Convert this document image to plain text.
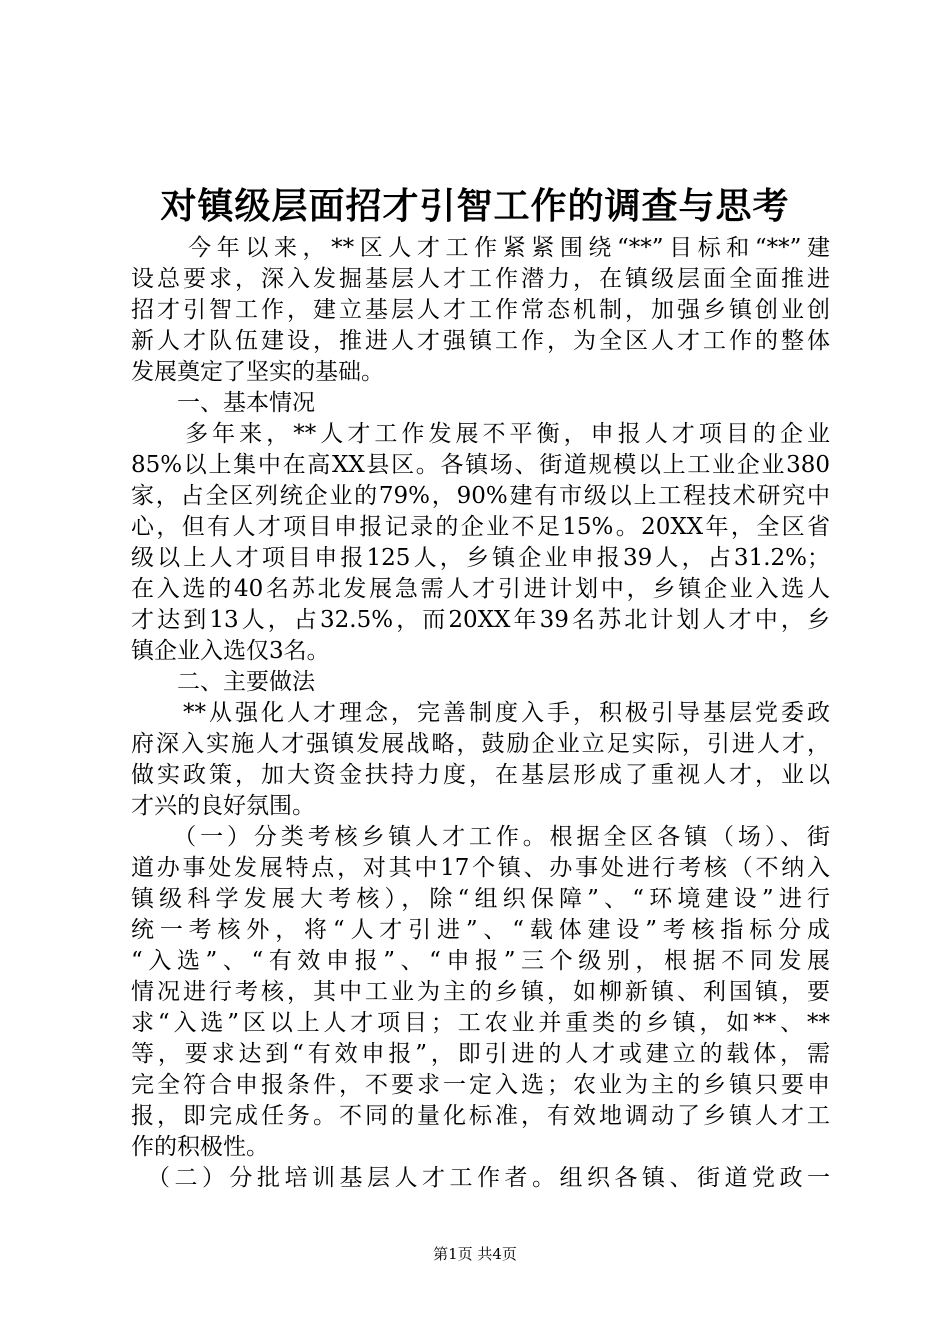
对镇级层面招才引智工作的调查与思考
　　今年以来，**区人才工作紧紧围绕“**”目标和“**”建
设总要求，深入发掘基层人才工作潜力，在镇级层面全面推进
招才引智工作，建立基层人才工作常态机制，加强乡镇创业创
新人才队伍建设，推进人才强镇工作，为全区人才工作的整体
发展奠定了坚实的基础。
　　一、基本情况
　　多年来，**人才工作发展不平衡，申报人才项目的企业
85%以上集中在高XX县区。各镇场、街道规模以上工业企业380
家，占全区列统企业的79%，90%建有市级以上工程技术研究中
心，但有人才项目申报记录的企业不足15%。20XX年，全区省
级以上人才项目申报125人，乡镇企业申报39人，占31.2%；
在入选的40名苏北发展急需人才引进计划中，乡镇企业入选人
才达到13人，占32.5%，而20XX年39名苏北计划人才中，乡
镇企业入选仅3名。
　　二、主要做法
　　**从强化人才理念，完善制度入手，积极引导基层党委政
府深入实施人才强镇发展战略，鼓励企业立足实际，引进人才，
做实政策，加大资金扶持力度，在基层形成了重视人才，业以
才兴的良好氛围。
　　（一）分类考核乡镇人才工作。根据全区各镇（场）、街
道办事处发展特点，对其中17个镇、办事处进行考核（不纳入
镇级科学发展大考核），除“组织保障”、“环境建设”进行
统一考核外，将“人才引进”、“载体建设”考核指标分成
“入选”、“有效申报”、“申报”三个级别，根据不同发展
情况进行考核，其中工业为主的乡镇，如柳新镇、利国镇，要
求“入选”区以上人才项目；工农业并重类的乡镇，如**、**
等，要求达到“有效申报”，即引进的人才或建立的载体，需
完全符合申报条件，不要求一定入选；农业为主的乡镇只要申
报，即完成任务。不同的量化标准，有效地调动了乡镇人才工
作的积极性。
　（二）分批培训基层人才工作者。组织各镇、街道党政一
第1页 共4页
